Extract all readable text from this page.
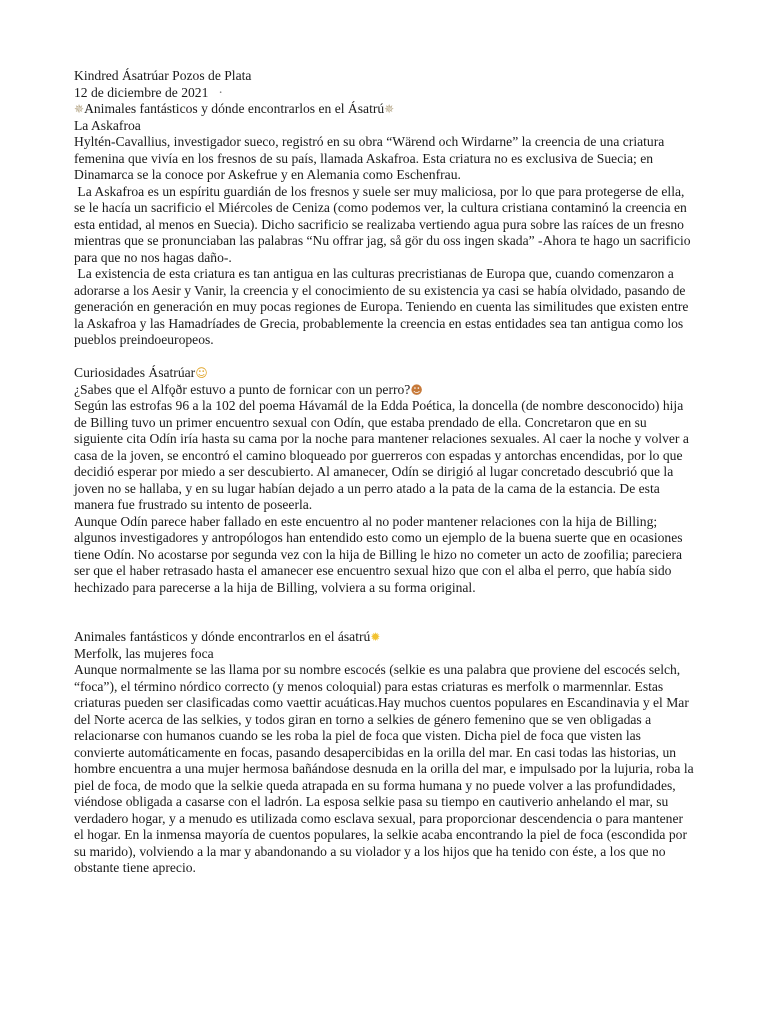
Kindred Ásatrúar Pozos de Plata

12 de diciembre de 2021 ·

✵Animales fantásticos y dónde encontrarlos en el Ásatrú✵

La Askafroa

Hyltén-Cavallius, investigador sueco, registró en su obra “Wärend och Wirdarne” la creencia de una criatura femenina que vivía en los fresnos de su país, llamada Askafroa. Esta criatura no es exclusiva de Suecia; en Dinamarca se la conoce por Askefrue y en Alemania como Eschenfrau.

La Askafroa es un espíritu guardián de los fresnos y suele ser muy maliciosa, por lo que para protegerse de ella, se le hacía un sacrificio el Miércoles de Ceniza (como podemos ver, la cultura cristiana contaminó la creencia en esta entidad, al menos en Suecia). Dicho sacrificio se realizaba vertiendo agua pura sobre las raíces de un fresno mientras que se pronunciaban las palabras “Nu offrar jag, så gör du oss ingen skada” -Ahora te hago un sacrificio para que no nos hagas daño-.

La existencia de esta criatura es tan antigua en las culturas precristianas de Europa que, cuando comenzaron a adorarse a los Aesir y Vanir, la creencia y el conocimiento de su existencia ya casi se había olvidado, pasando de generación en generación en muy pocas regiones de Europa. Teniendo en cuenta las similitudes que existen entre la Askafroa y las Hamadríades de Grecia, probablemente la creencia en estas entidades sea tan antigua como los pueblos preindoeuropeos.

Curiosidades Ásatrúar☺

¿Sabes que el Alfǫðr estuvo a punto de fornicar con un perro?☻

Según las estrofas 96 a la 102 del poema Hávamál de la Edda Poética, la doncella (de nombre desconocido) hija de Billing tuvo un primer encuentro sexual con Odín, que estaba prendado de ella. Concretaron que en su siguiente cita Odín iría hasta su cama por la noche para mantener relaciones sexuales. Al caer la noche y volver a casa de la joven, se encontró el camino bloqueado por guerreros con espadas y antorchas encendidas, por lo que decidió esperar por miedo a ser descubierto. Al amanecer, Odín se dirigió al lugar concretado descubrió que la joven no se hallaba, y en su lugar habían dejado a un perro atado a la pata de la cama de la estancia. De esta manera fue frustrado su intento de poseerla.

Aunque Odín parece haber fallado en este encuentro al no poder mantener relaciones con la hija de Billing; algunos investigadores y antropólogos han entendido esto como un ejemplo de la buena suerte que en ocasiones tiene Odín. No acostarse por segunda vez con la hija de Billing le hizo no cometer un acto de zoofilia; pareciera ser que el haber retrasado hasta el amanecer ese encuentro sexual hizo que con el alba el perro, que había sido hechizado para parecerse a la hija de Billing, volviera a su forma original.

Animales fantásticos y dónde encontrarlos en el ásatrú✹

Merfolk, las mujeres foca

Aunque normalmente se las llama por su nombre escocés (selkie es una palabra que proviene del escocés selch, “foca”), el término nórdico correcto (y menos coloquial) para estas criaturas es merfolk o marmennlar. Estas criaturas pueden ser clasificadas como vaettir acuáticas.Hay muchos cuentos populares en Escandinavia y el Mar del Norte acerca de las selkies, y todos giran en torno a selkies de género femenino que se ven obligadas a relacionarse con humanos cuando se les roba la piel de foca que visten. Dicha piel de foca que visten las convierte automáticamente en focas, pasando desapercibidas en la orilla del mar. En casi todas las historias, un hombre encuentra a una mujer hermosa bañándose desnuda en la orilla del mar, e impulsado por la lujuria, roba la piel de foca, de modo que la selkie queda atrapada en su forma humana y no puede volver a las profundidades, viéndose obligada a casarse con el ladrón. La esposa selkie pasa su tiempo en cautiverio anhelando el mar, su verdadero hogar, y a menudo es utilizada como esclava sexual, para proporcionar descendencia o para mantener el hogar. En la inmensa mayoría de cuentos populares, la selkie acaba encontrando la piel de foca (escondida por su marido), volviendo a la mar y abandonando a su violador y a los hijos que ha tenido con éste, a los que no obstante tiene aprecio.
